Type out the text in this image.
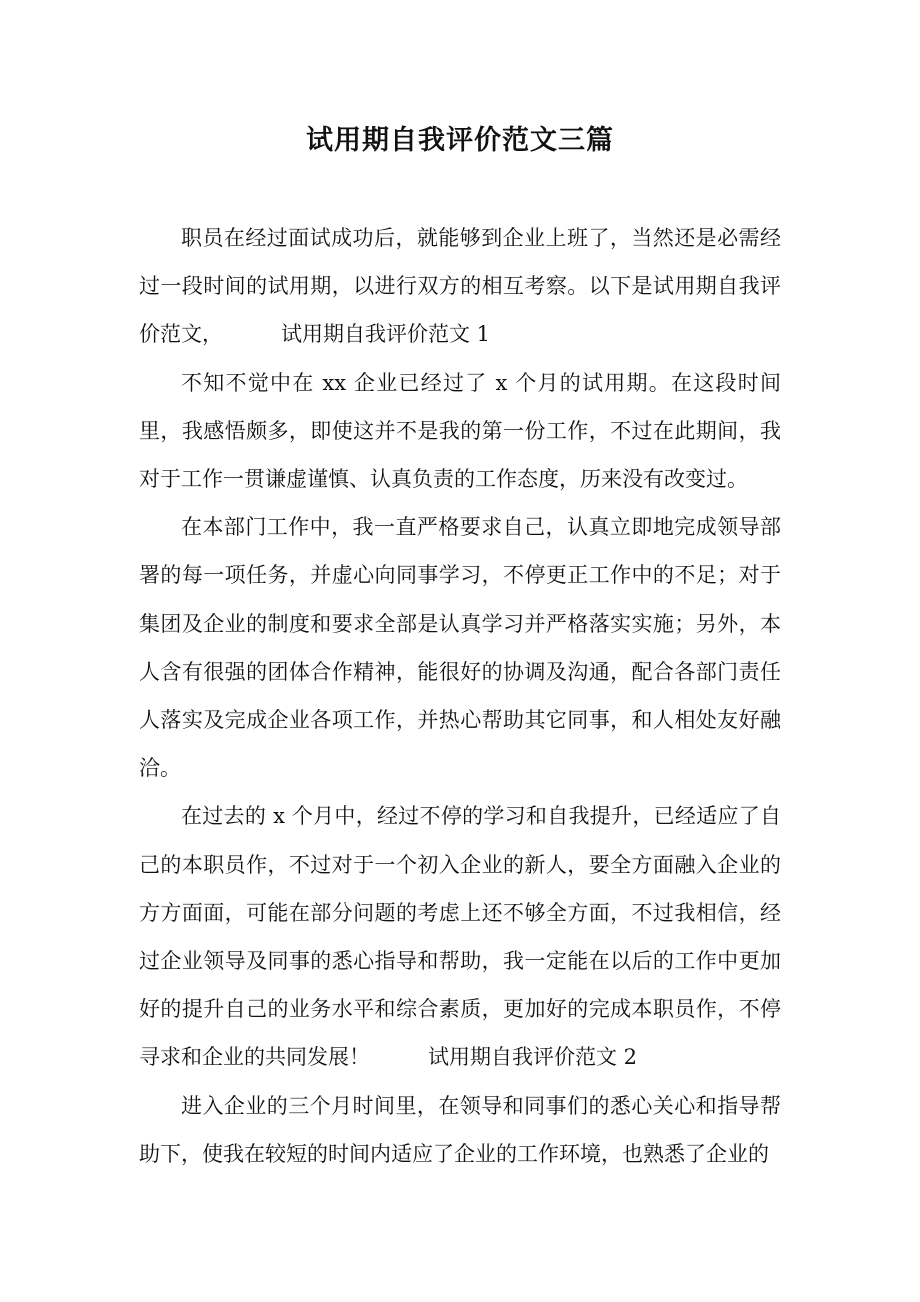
试用期自我评价范文三篇

职员在经过面试成功后，就能够到企业上班了，当然还是必需经过一段时间的试用期，以进行双方的相互考察。以下是试用期自我评价范文，	试用期自我评价范文 1

不知不觉中在 xx 企业已经过了 x 个月的试用期。在这段时间里，我感悟颇多，即使这并不是我的第一份工作，不过在此期间，我对于工作一贯谦虚谨慎、认真负责的工作态度，历来没有改变过。

在本部门工作中，我一直严格要求自己，认真立即地完成领导部署的每一项任务，并虚心向同事学习，不停更正工作中的不足；对于集团及企业的制度和要求全部是认真学习并严格落实实施；另外，本人含有很强的团体合作精神，能很好的协调及沟通，配合各部门责任人落实及完成企业各项工作，并热心帮助其它同事，和人相处友好融洽。

在过去的 x 个月中，经过不停的学习和自我提升，已经适应了自己的本职员作，不过对于一个初入企业的新人，要全方面融入企业的方方面面，可能在部分问题的考虑上还不够全方面，不过我相信，经过企业领导及同事的悉心指导和帮助，我一定能在以后的工作中更加好的提升自己的业务水平和综合素质，更加好的完成本职员作，不停寻求和企业的共同发展！	试用期自我评价范文 2

进入企业的三个月时间里，在领导和同事们的悉心关心和指导帮助下，使我在较短的时间内适应了企业的工作环境，也熟悉了企业的
